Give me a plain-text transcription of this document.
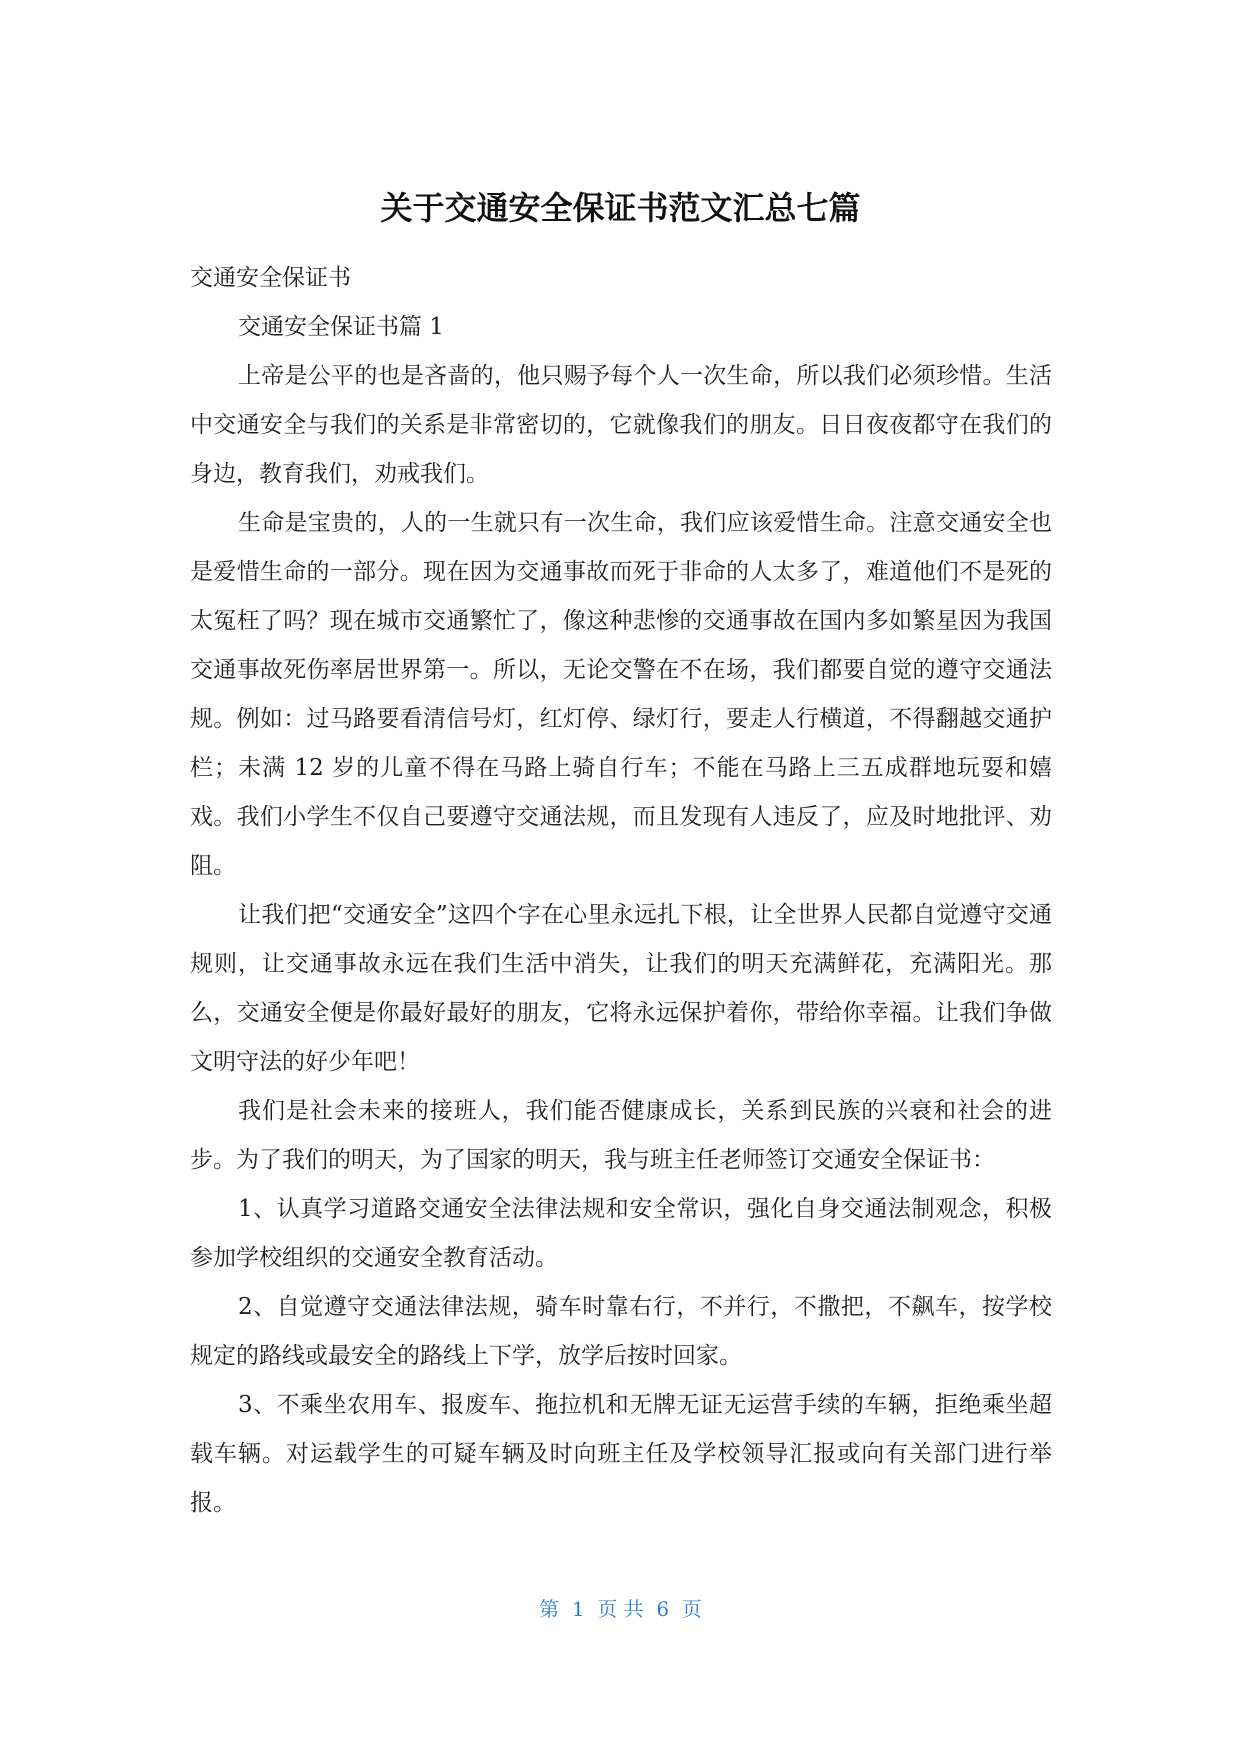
关于交通安全保证书范文汇总七篇

交通安全保证书

交通安全保证书篇 1

上帝是公平的也是吝啬的，他只赐予每个人一次生命，所以我们必须珍惜。生活中交通安全与我们的关系是非常密切的，它就像我们的朋友。日日夜夜都守在我们的身边，教育我们，劝戒我们。

生命是宝贵的，人的一生就只有一次生命，我们应该爱惜生命。注意交通安全也是爱惜生命的一部分。现在因为交通事故而死于非命的人太多了，难道他们不是死的太冤枉了吗？现在城市交通繁忙了，像这种悲惨的交通事故在国内多如繁星因为我国交通事故死伤率居世界第一。所以，无论交警在不在场，我们都要自觉的遵守交通法规。例如：过马路要看清信号灯，红灯停、绿灯行，要走人行横道，不得翻越交通护栏；未满 12 岁的儿童不得在马路上骑自行车；不能在马路上三五成群地玩耍和嬉戏。我们小学生不仅自己要遵守交通法规，而且发现有人违反了，应及时地批评、劝阻。

让我们把“交通安全”这四个字在心里永远扎下根，让全世界人民都自觉遵守交通规则，让交通事故永远在我们生活中消失，让我们的明天充满鲜花，充满阳光。那么，交通安全便是你最好最好的朋友，它将永远保护着你，带给你幸福。让我们争做文明守法的好少年吧！

我们是社会未来的接班人，我们能否健康成长，关系到民族的兴衰和社会的进步。为了我们的明天，为了国家的明天，我与班主任老师签订交通安全保证书：

1、认真学习道路交通安全法律法规和安全常识，强化自身交通法制观念，积极参加学校组织的交通安全教育活动。

2、自觉遵守交通法律法规，骑车时靠右行，不并行，不撒把，不飙车，按学校规定的路线或最安全的路线上下学，放学后按时回家。

3、不乘坐农用车、报废车、拖拉机和无牌无证无运营手续的车辆，拒绝乘坐超载车辆。对运载学生的可疑车辆及时向班主任及学校领导汇报或向有关部门进行举报。

第  1  页 共  6  页
